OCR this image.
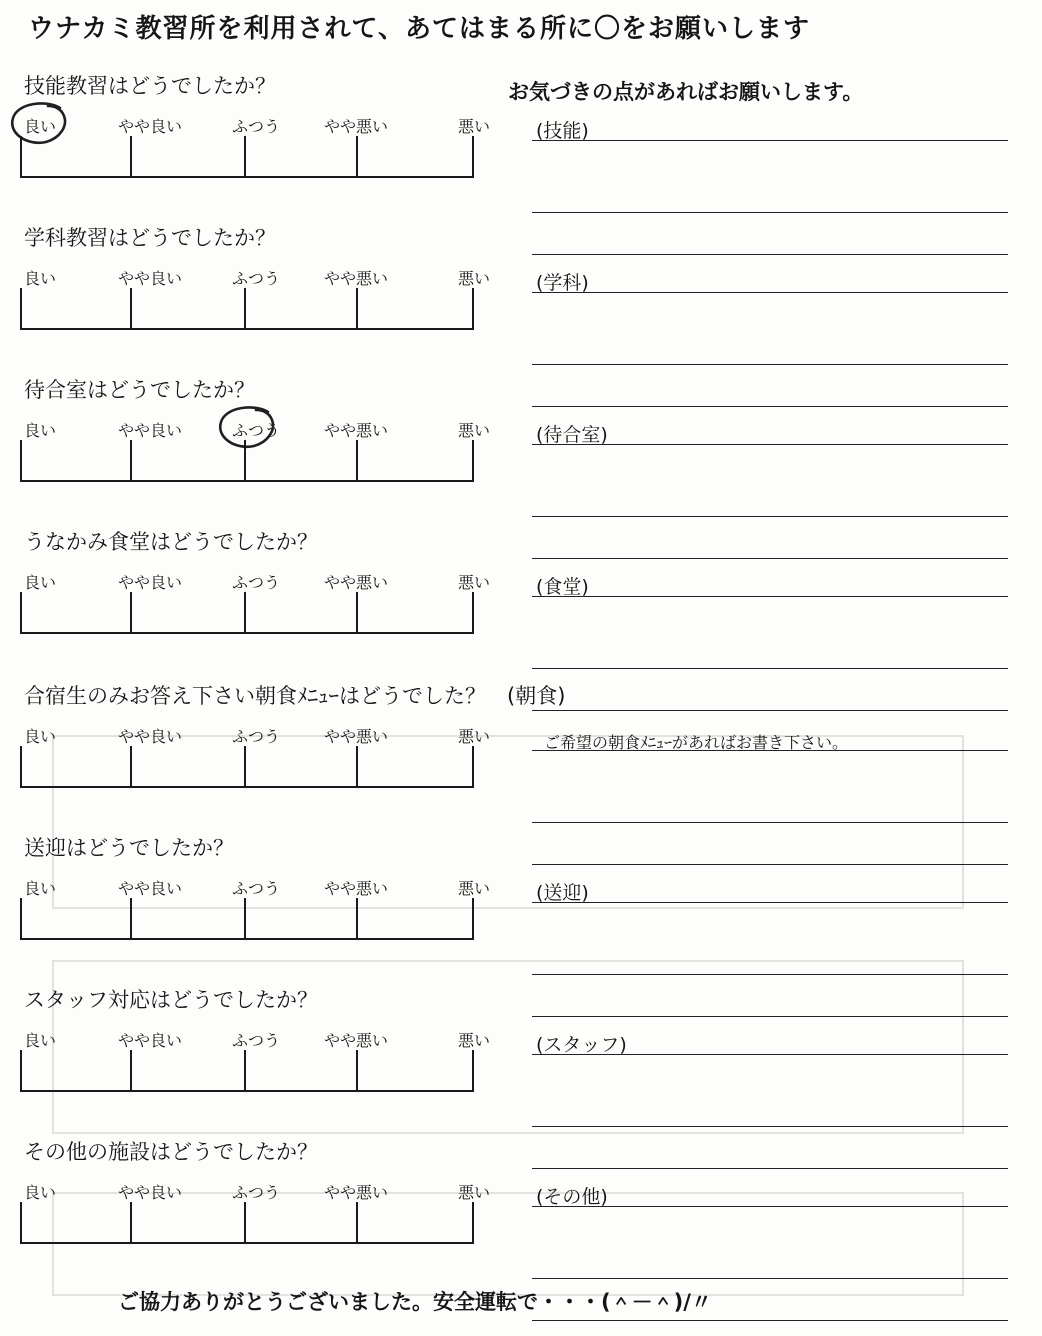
ウナカミ教習所を利用されて、あてはまる所に〇をお願いします
お気づきの点があればお願いします。
技能教習はどうでしたか？
良い	やや良い	ふつう	やや悪い	悪い (技能)
学科教習はどうでしたか？
良い	やや良い	ふつう	やや悪い	悪い (学科)
待合室はどうでしたか？
良い	やや良い	ふつう	やや悪い	悪い (待合室)
うなかみ食堂はどうでしたか？
良い	やや良い	ふつう	やや悪い	悪い (食堂)
合宿生のみお答え下さい朝食ﾒﾆｭｰはどうでした？　(朝食)
良い	やや良い	ふつう	やや悪い	悪い	ご希望の朝食ﾒﾆｭｰがあればお書き下さい。
送迎はどうでしたか？
良い	やや良い	ふつう	やや悪い	悪い (送迎)
スタッフ対応はどうでしたか？
良い	やや良い	ふつう	やや悪い	悪い (スタッフ)
その他の施設はどうでしたか？
良い	やや良い	ふつう	やや悪い	悪い (その他)
ご協力ありがとうございました。安全運転で・・・(＾－＾)/〃
